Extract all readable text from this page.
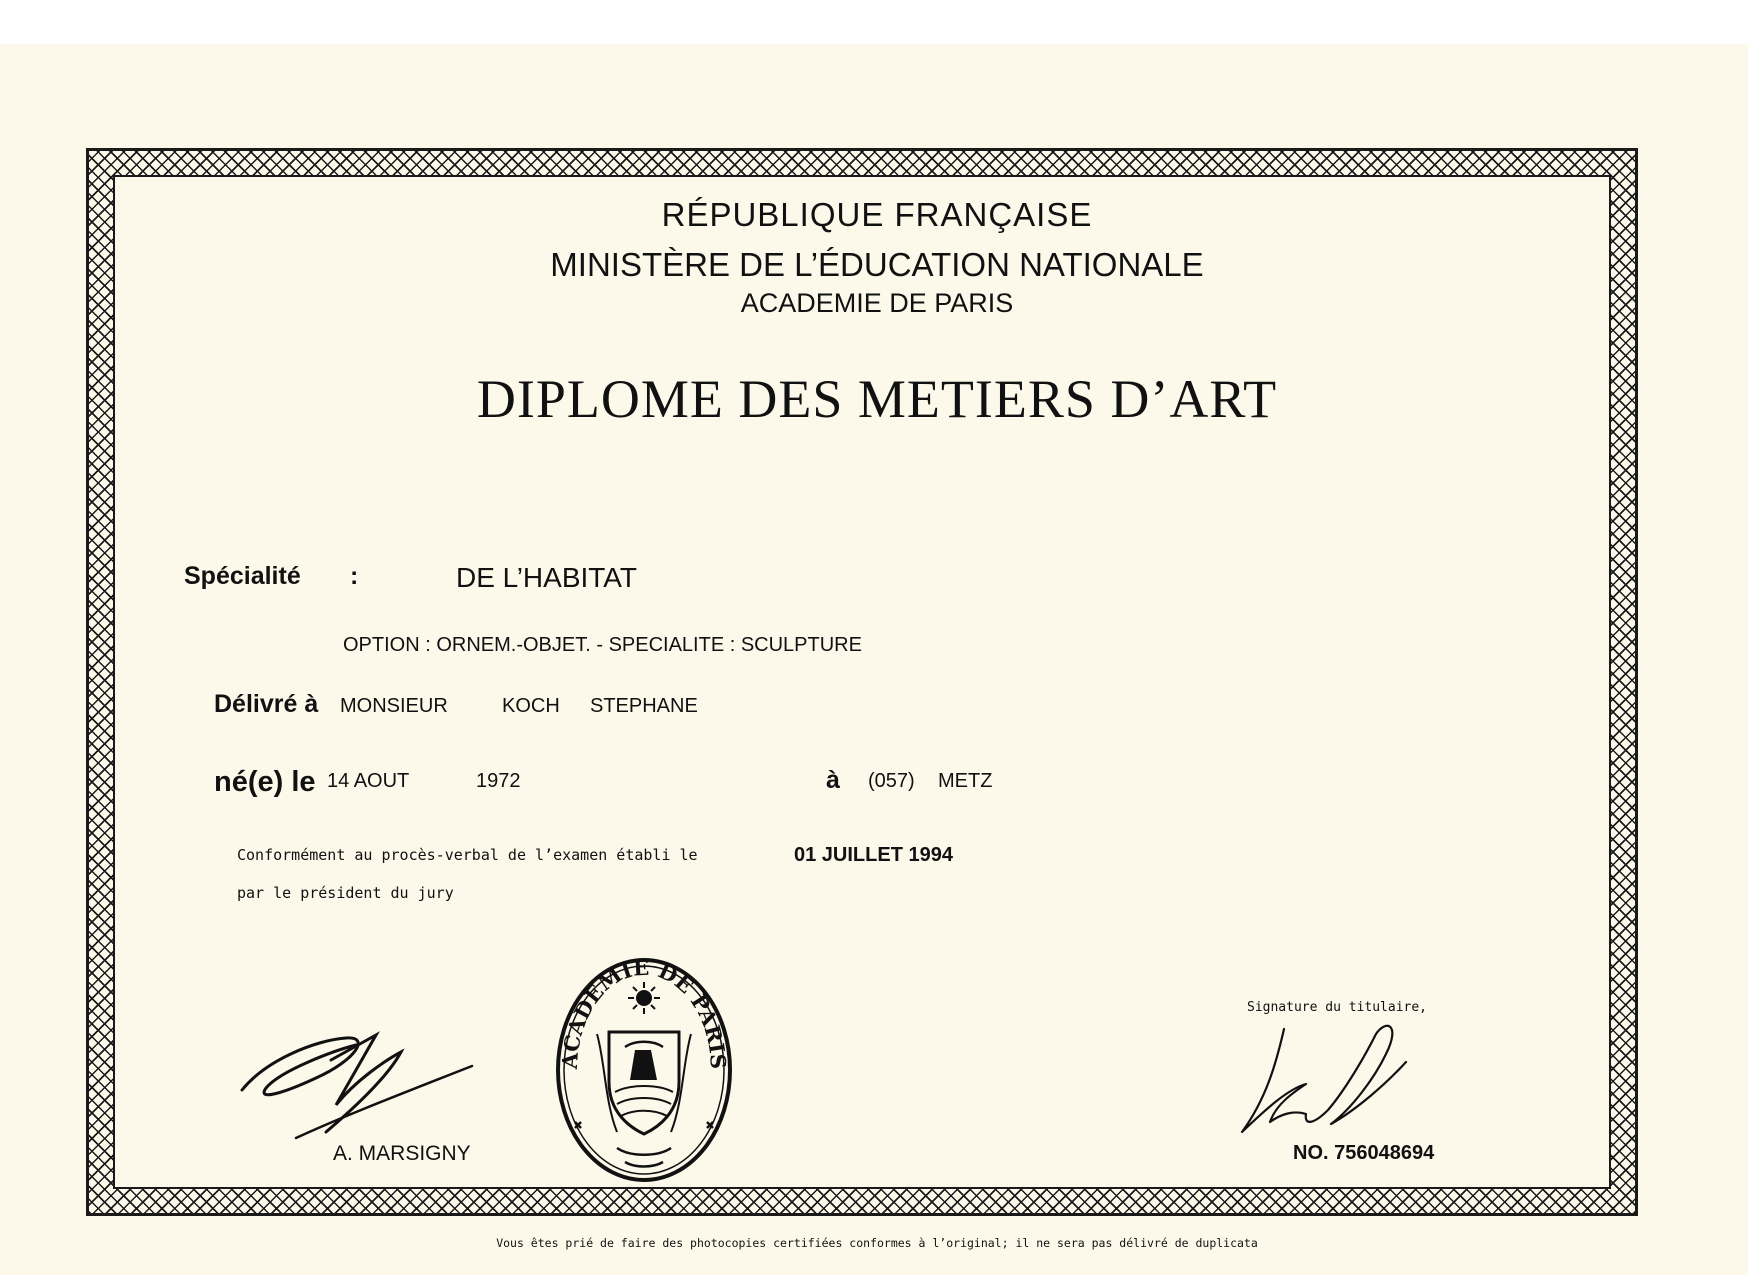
RÉPUBLIQUE FRANÇAISE
MINISTÈRE DE L’ÉDUCATION NATIONALE
ACADEMIE DE PARIS
DIPLOME DES METIERS D’ART
Spécialité :	DE L’HABITAT
OPTION : ORNEM.-OBJET. - SPECIALITE : SCULPTURE
Délivré à MONSIEUR	KOCH STEPHANE
né(e) le 14 AOUT	1972	à (057) METZ
Conformément au procès-verbal de l’examen établi le	01 JUILLET 1994
par le président du jury
ACADEMIE DE PARIS
Signature du titulaire,
A. MARSIGNY	NO. 756048694
Vous êtes prié de faire des photocopies certifiées conformes à l’original; il ne sera pas délivré de duplicata
